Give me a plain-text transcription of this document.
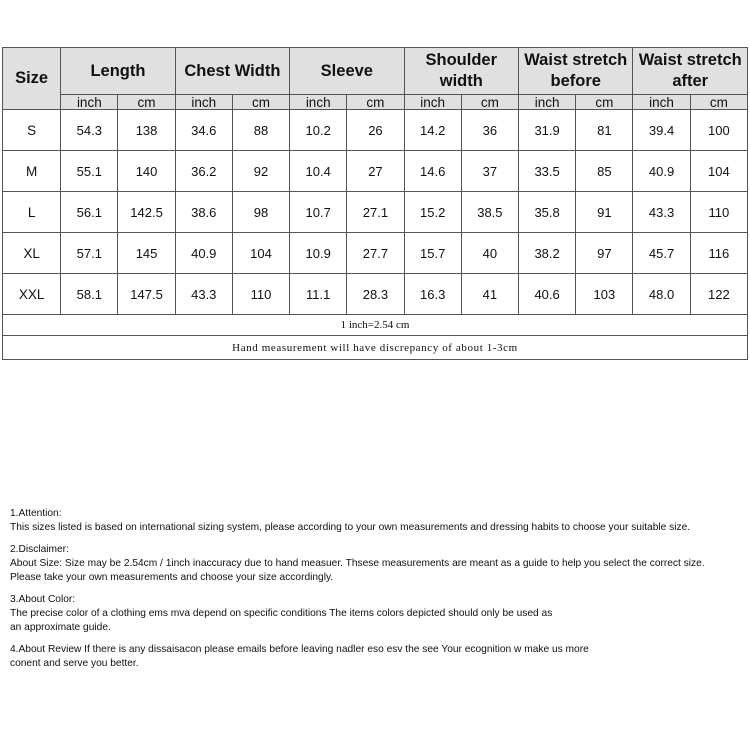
Size	Length		Chest Width		Sleeve		Shoulder width		Waist stretch before		Waist stretch after	
	inch	cm	inch	cm	inch	cm	inch	cm	inch	cm	inch	cm
S	54.3	138	34.6	88	10.2	26	14.2	36	31.9	81	39.4	100
M	55.1	140	36.2	92	10.4	27	14.6	37	33.5	85	40.9	104
L	56.1	142.5	38.6	98	10.7	27.1	15.2	38.5	35.8	91	43.3	110
XL	57.1	145	40.9	104	10.9	27.7	15.7	40	38.2	97	45.7	116
XXL	58.1	147.5	43.3	110	11.1	28.3	16.3	41	40.6	103	48.0	122
1 inch=2.54 cm												
Hand measurement will have discrepancy of about 1-3cm												
1.Attention:
This sizes listed is based on international sizing system, please according to your own measurements and dressing habits to choose your suitable size.
2.Disclaimer:
About Size: Size may be 2.54cm / 1inch inaccuracy due to hand measuer. Thsese measurements are meant as a guide to help you select the correct size.
Please take your own measurements and choose your size accordingly.
3.About Color:
The precise color of a clothing ems mva depend on specific conditions The items colors depicted should only be used as
an approximate guide.
4.About Review If there is any dissaisacon please emails before leaving nadler eso esv the see Your ecognition w make us more
conent and serve you better.
